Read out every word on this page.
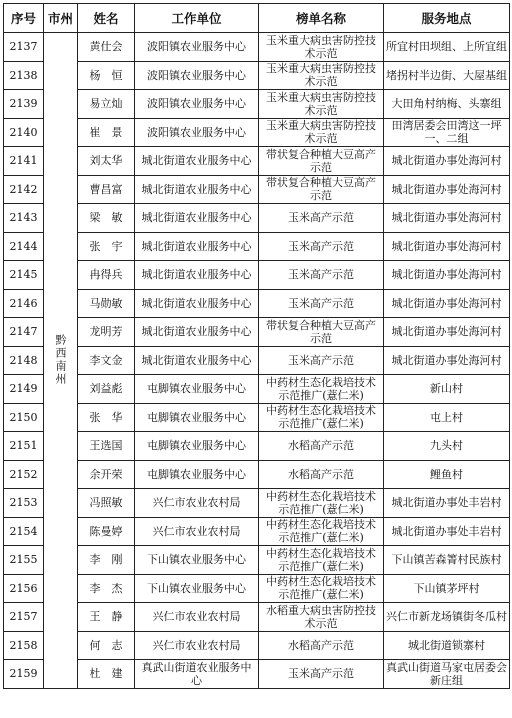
序号	市州	姓名	工作单位	榜单名称	服务地点
2137	黔西南州	黄仕会	波阳镇农业服务中心	玉米重大病虫害防控技术示范	所宜村田坝组、上所宜组
2138		杨　恒	波阳镇农业服务中心	玉米重大病虫害防控技术示范	堵拐村半边街、大屋基组
2139		易立灿	波阳镇农业服务中心	玉米重大病虫害防控技术示范	大田角村纳梅、头寨组
2140		崔　景	波阳镇农业服务中心	玉米重大病虫害防控技术示范	田湾居委会田湾这一坪一、二组
2141		刘太华	城北街道农业服务中心	带状复合种植大豆高产示范	城北街道办事处海河村
2142		曹昌富	城北街道农业服务中心	带状复合种植大豆高产示范	城北街道办事处海河村
2143		梁　敏	城北街道农业服务中心	玉米高产示范	城北街道办事处海河村
2144		张　宇	城北街道农业服务中心	玉米高产示范	城北街道办事处海河村
2145		冉得兵	城北街道农业服务中心	玉米高产示范	城北街道办事处海河村
2146		马勋敏	城北街道农业服务中心	玉米高产示范	城北街道办事处海河村
2147		龙明芳	城北街道农业服务中心	带状复合种植大豆高产示范	城北街道办事处海河村
2148		李文金	城北街道农业服务中心	玉米高产示范	城北街道办事处海河村
2149		刘益彪	屯脚镇农业服务中心	中药材生态化栽培技术示范推广(薏仁米)	新山村
2150		张　华	屯脚镇农业服务中心	中药材生态化栽培技术示范推广(薏仁米)	屯上村
2151		王选国	屯脚镇农业服务中心	水稻高产示范	九头村
2152		余开荣	屯脚镇农业服务中心	水稻高产示范	鲤鱼村
2153		冯照敏	兴仁市农业农村局	中药材生态化栽培技术示范推广(薏仁米)	城北街道办事处丰岩村
2154		陈曼婷	兴仁市农业农村局	中药材生态化栽培技术示范推广(薏仁米)	城北街道办事处丰岩村
2155		李　刚	下山镇农业服务中心	中药材生态化栽培技术示范推广(薏仁米)	下山镇苦森箐村民族村
2156		李　杰	下山镇农业服务中心	中药材生态化栽培技术示范推广(薏仁米)	下山镇茅坪村
2157		王　静	兴仁市农业农村局	水稻重大病虫害防控技术示范	兴仁市新龙场镇街冬瓜村
2158		何　志	兴仁市农业农村局	水稻高产示范	城北街道锁寨村
2159		杜　建	真武山街道农业服务中心	玉米高产示范	真武山街道马家屯居委会新庄组
